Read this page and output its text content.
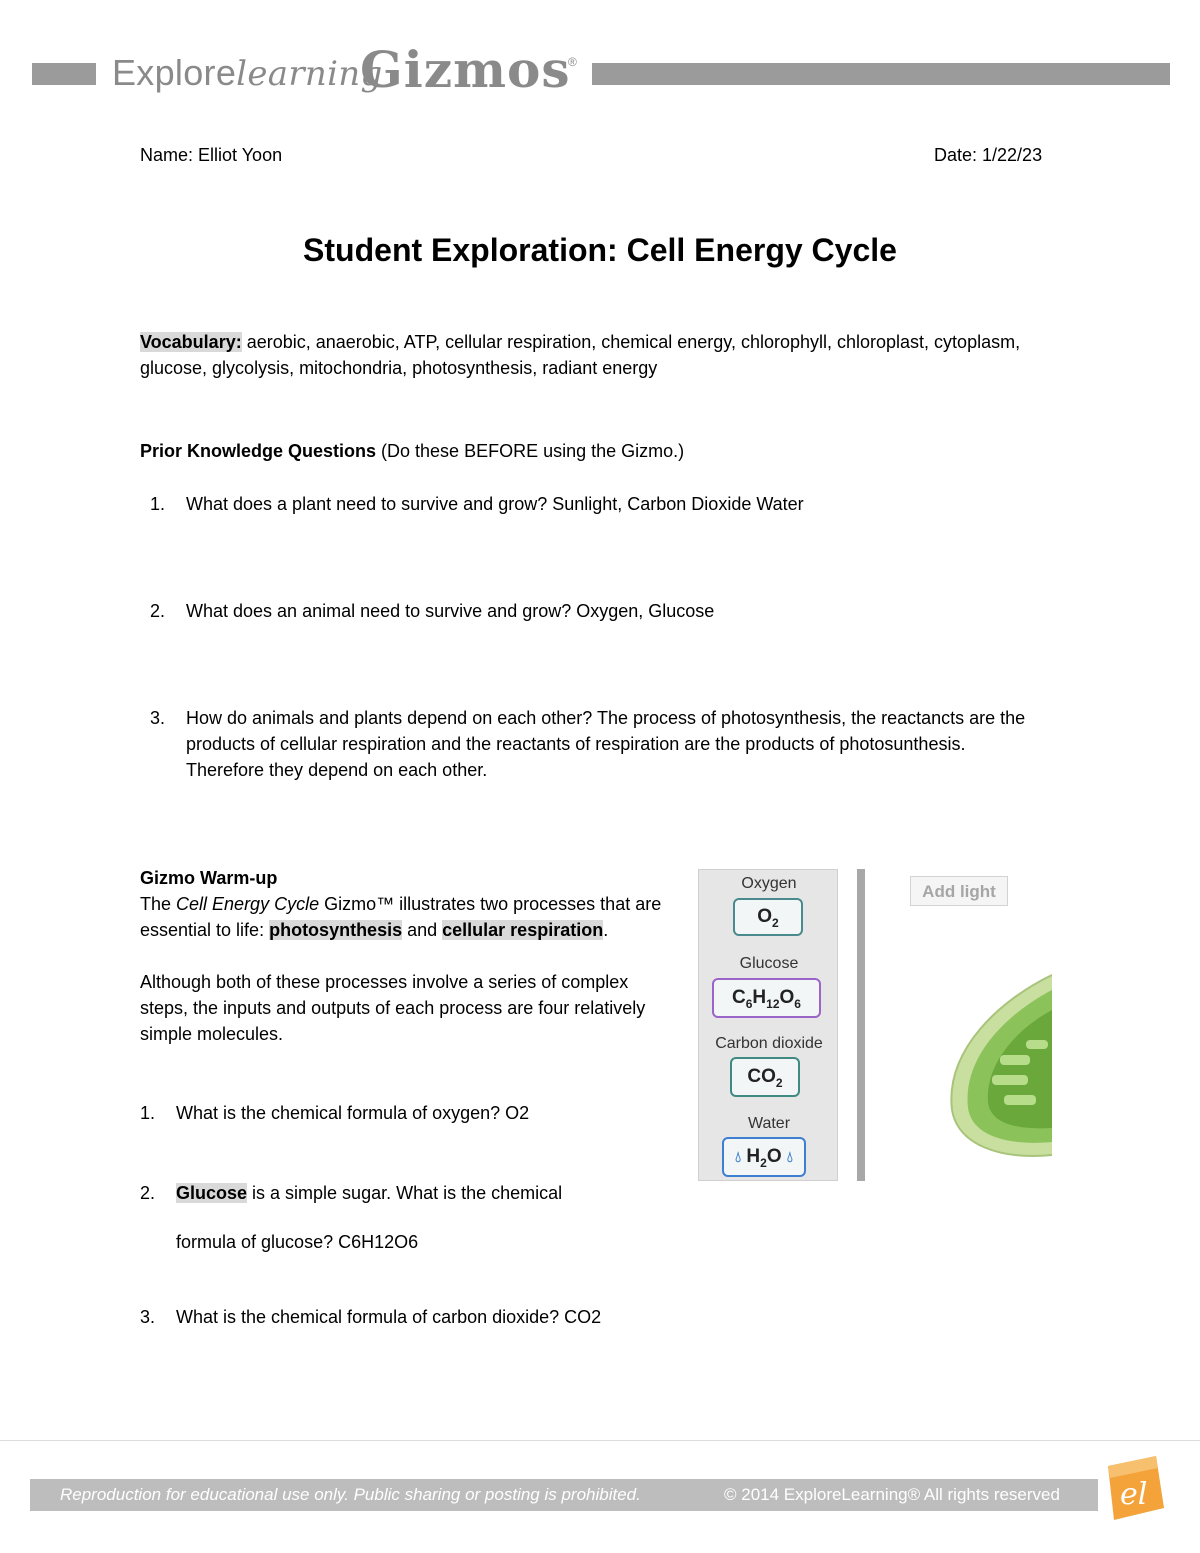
Explorelearning
Gizmos
®
Name: Elliot Yoon	Date: 1/22/23
Student Exploration: Cell Energy Cycle
Vocabulary: aerobic, anaerobic, ATP, cellular respiration, chemical energy, chlorophyll, chloroplast, cytoplasm, glucose, glycolysis, mitochondria, photosynthesis, radiant energy
Prior Knowledge Questions (Do these BEFORE using the Gizmo.)
1. What does a plant need to survive and grow? Sunlight, Carbon Dioxide Water
2. What does an animal need to survive and grow? Oxygen, Glucose
3. How do animals and plants depend on each other? The process of photosynthesis, the reactancts are the products of cellular respiration and the reactants of respiration are the products of photosunthesis. Therefore they depend on each other.
Gizmo Warm-up
The Cell Energy Cycle Gizmo™ illustrates two processes that are essential to life: photosynthesis and cellular respiration.
Although both of these processes involve a series of complex steps, the inputs and outputs of each process are four relatively simple molecules.
1. What is the chemical formula of oxygen? O2
2. Glucose is a simple sugar. What is the chemical
formula of glucose? C6H12O6
3. What is the chemical formula of carbon dioxide? CO2
Oxygen
$O_2$
Glucose
$C_6H_{12}O_6$
Carbon dioxide
$CO_2$
Water
💧︎ $H_2O$ 💧︎
Add light
Reproduction for educational use only. Public sharing or posting is prohibited.	© 2014 ExploreLearning® All rights reserved el
